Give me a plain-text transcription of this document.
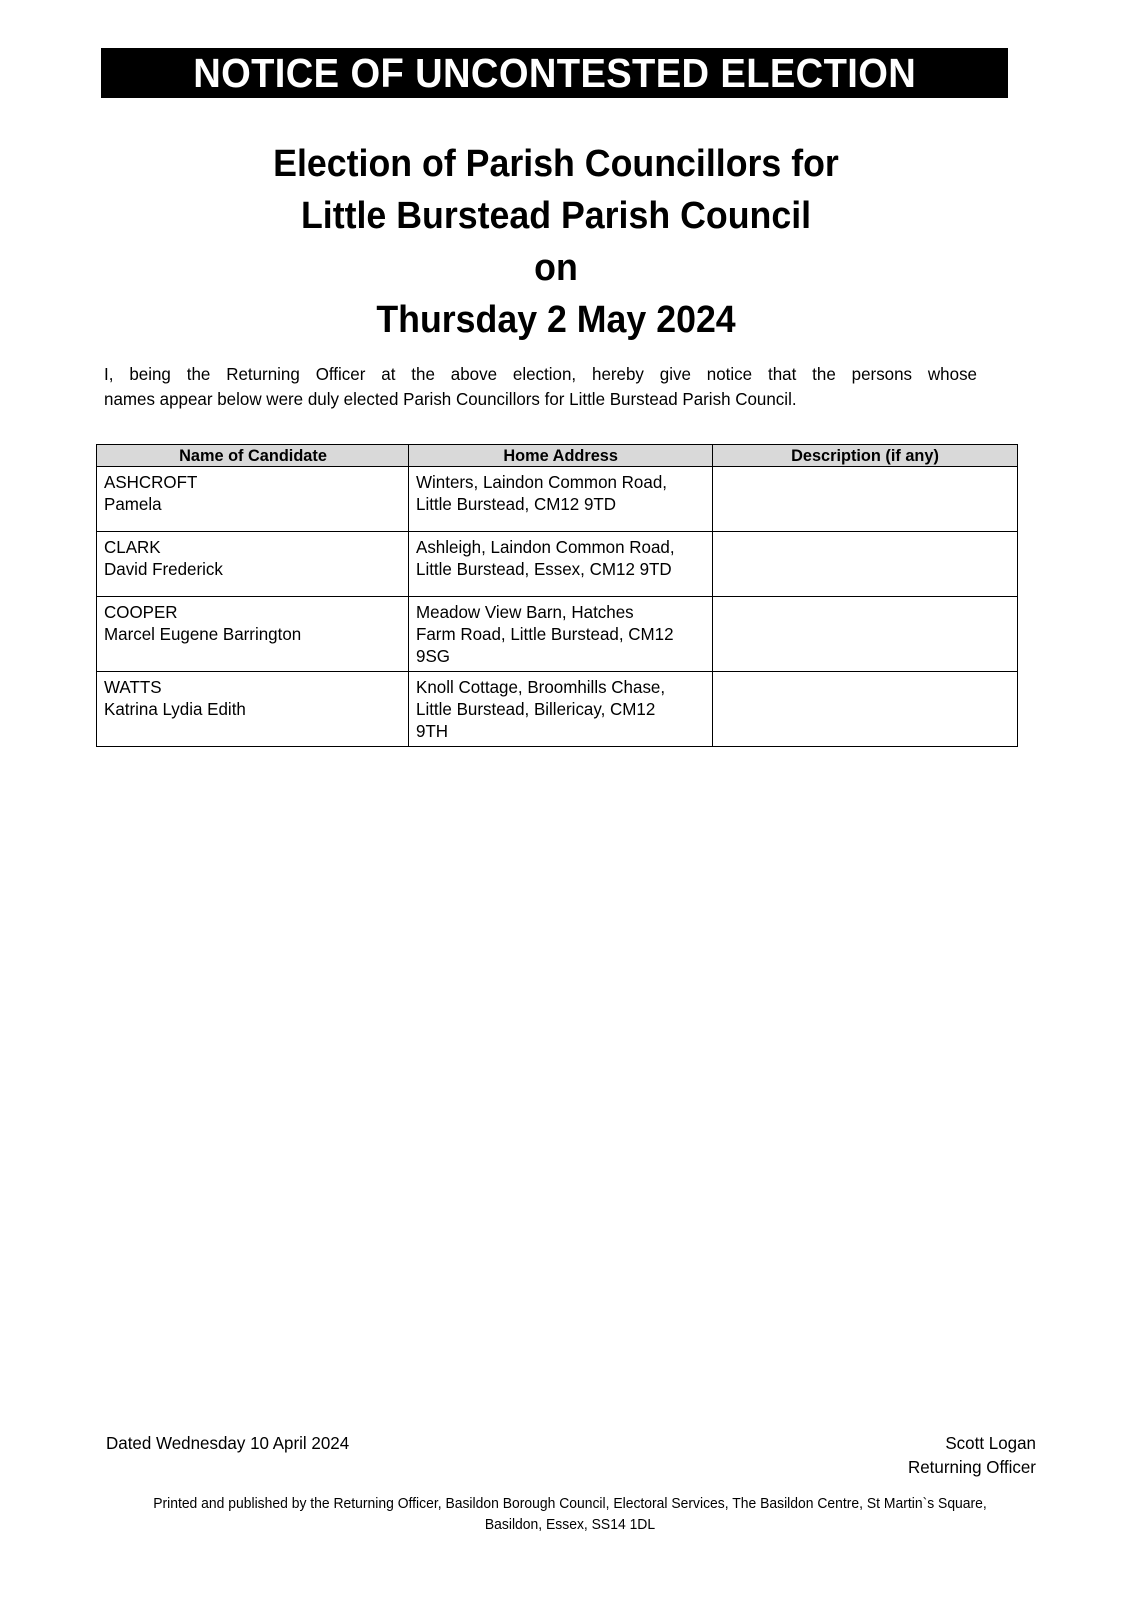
NOTICE OF UNCONTESTED ELECTION
Election of Parish Councillors for
Little Burstead Parish Council
on
Thursday 2 May 2024
I, being the Returning Officer at the above election, hereby give notice that the persons whose
names appear below were duly elected Parish Councillors for Little Burstead Parish Council.
Name of Candidate	Home Address	Description (if any)

ASHCROFT
Pamela	Winters, Laindon Common Road,
Little Burstead, CM12 9TD	

CLARK
David Frederick	Ashleigh, Laindon Common Road,
Little Burstead, Essex, CM12 9TD	

COOPER
Marcel Eugene Barrington	Meadow View Barn, Hatches
Farm Road, Little Burstead, CM12
9SG	

WATTS
Katrina Lydia Edith	Knoll Cottage, Broomhills Chase,
Little Burstead, Billericay, CM12
9TH	

Dated Wednesday 10 April 2024	Scott Logan
Returning Officer
Printed and published by the Returning Officer, Basildon Borough Council, Electoral Services, The Basildon Centre, St Martin`s Square,
Basildon, Essex, SS14 1DL
